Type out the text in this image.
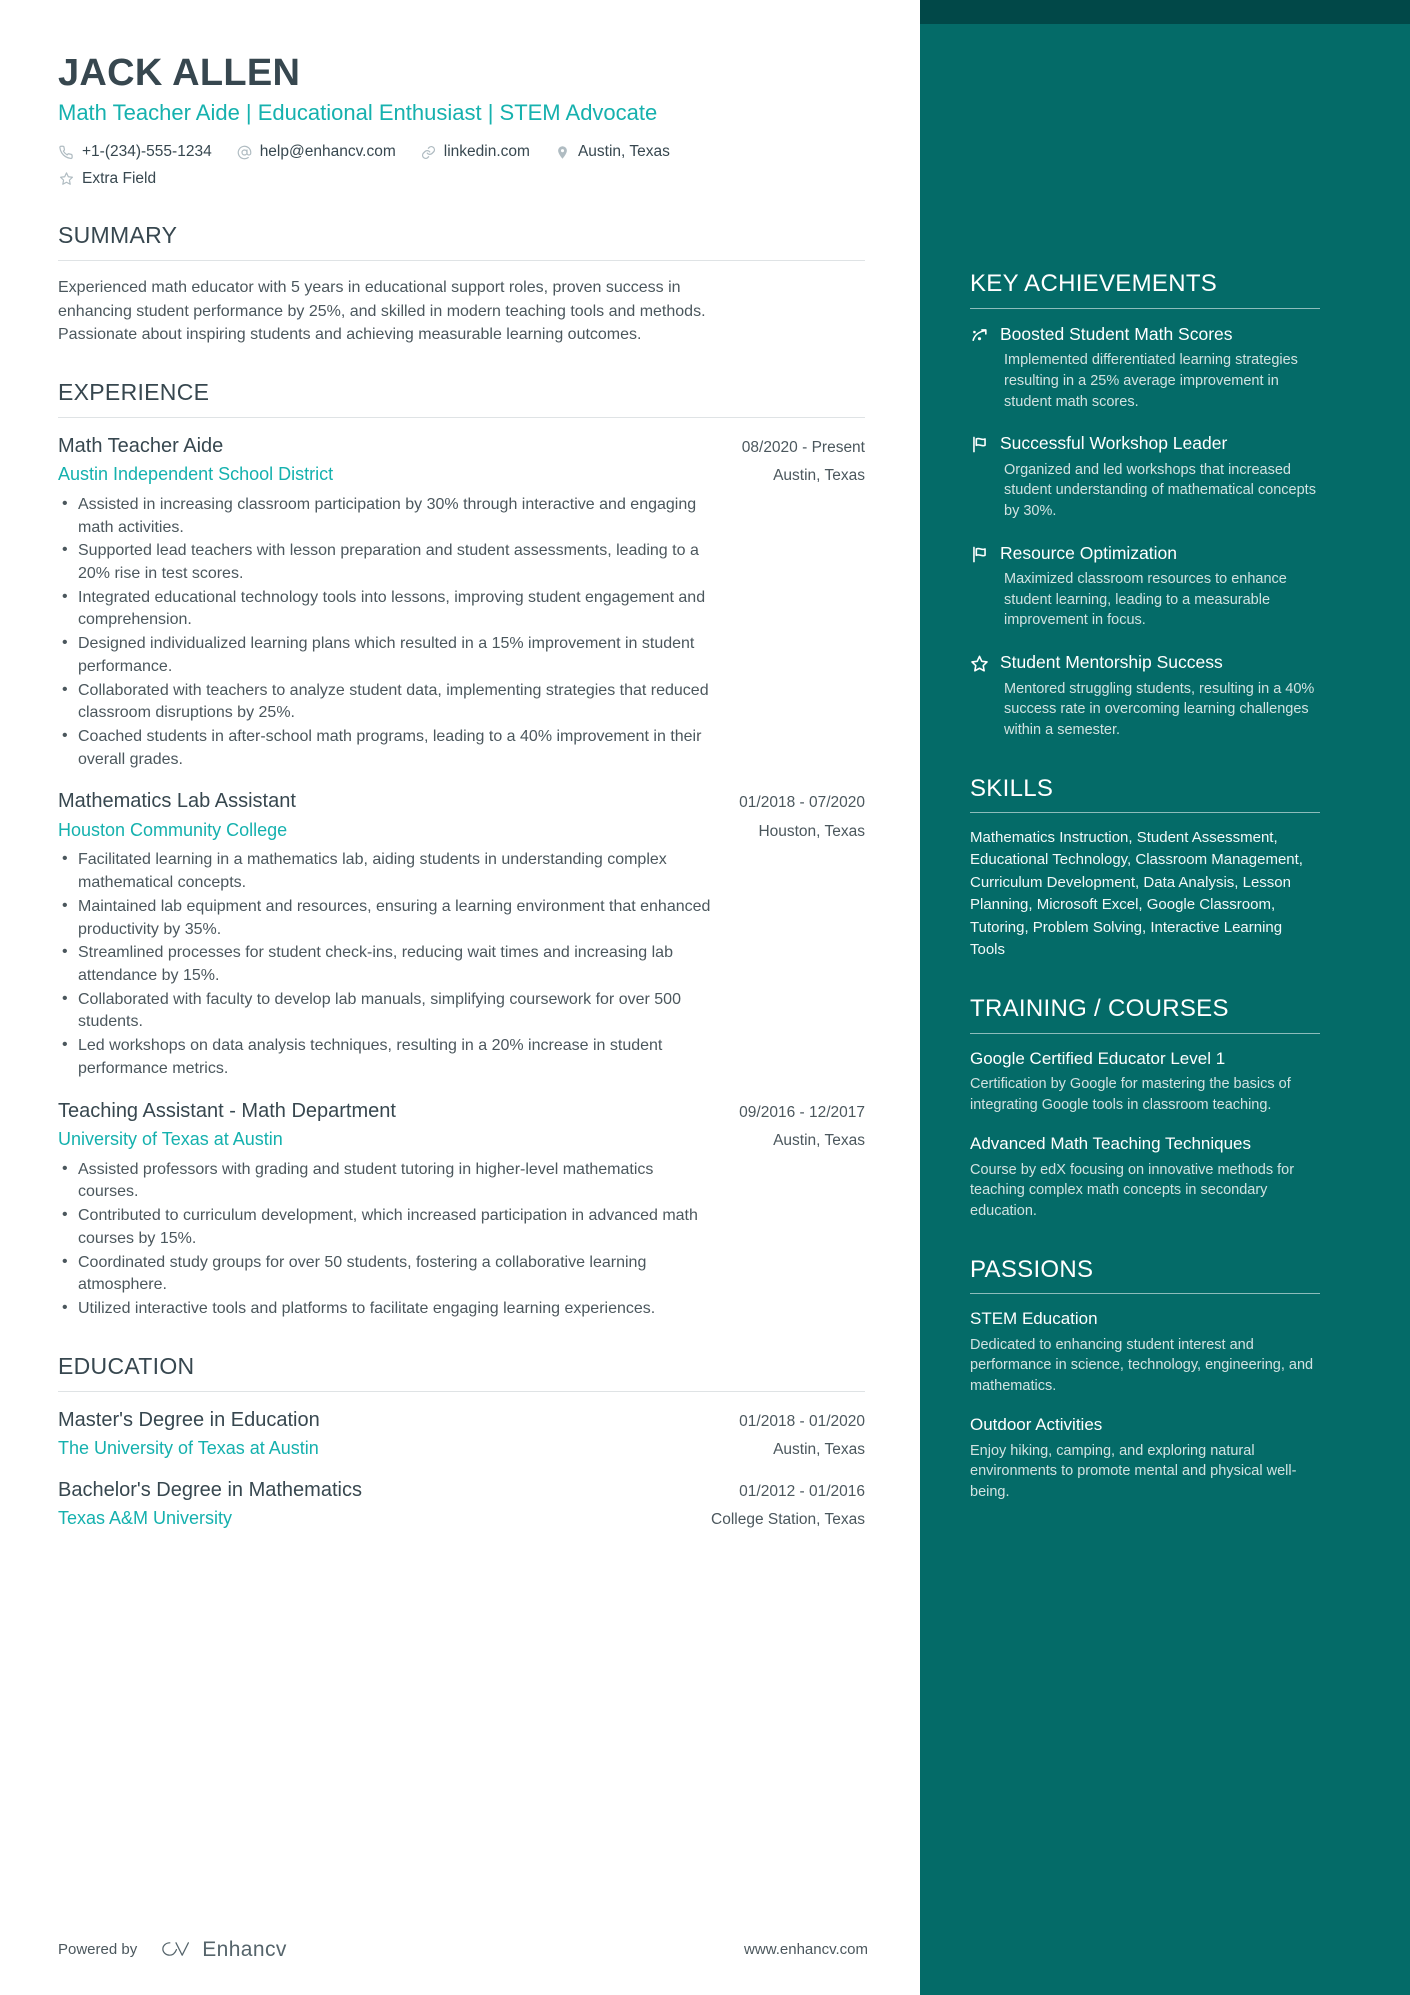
KEY ACHIEVEMENTS
Boosted Student Math Scores
Implemented differentiated learning strategies resulting in a 25% average improvement in student math scores.
Successful Workshop Leader
Organized and led workshops that increased student understanding of mathematical concepts by 30%.
Resource Optimization
Maximized classroom resources to enhance student learning, leading to a measurable improvement in focus.
Student Mentorship Success
Mentored struggling students, resulting in a 40% success rate in overcoming learning challenges within a semester.
SKILLS
Mathematics Instruction, Student Assessment, Educational Technology, Classroom Management, Curriculum Development, Data Analysis, Lesson Planning, Microsoft Excel, Google Classroom, Tutoring, Problem Solving, Interactive Learning Tools
TRAINING / COURSES
Google Certified Educator Level 1
Certification by Google for mastering the basics of integrating Google tools in classroom teaching.
Advanced Math Teaching Techniques
Course by edX focusing on innovative methods for teaching complex math concepts in secondary education.
PASSIONS
STEM Education
Dedicated to enhancing student interest and performance in science, technology, engineering, and mathematics.
Outdoor Activities
Enjoy hiking, camping, and exploring natural environments to promote mental and physical well-being.
JACK ALLEN
Math Teacher Aide | Educational Enthusiast | STEM Advocate
+1-(234)-555-1234	help@enhancv.com	linkedin.com	Austin, Texas
Extra Field
SUMMARY

Experienced math educator with 5 years in educational support roles, proven success in enhancing student performance by 25%, and skilled in modern teaching tools and methods. Passionate about inspiring students and achieving measurable learning outcomes.

EXPERIENCE
Math Teacher Aide	08/2020 - Present
Austin Independent School District	Austin, Texas
• Assisted in increasing classroom participation by 30% through interactive and engaging math activities.
• Supported lead teachers with lesson preparation and student assessments, leading to a 20% rise in test scores.
• Integrated educational technology tools into lessons, improving student engagement and comprehension.
• Designed individualized learning plans which resulted in a 15% improvement in student performance.
• Collaborated with teachers to analyze student data, implementing strategies that reduced classroom disruptions by 25%.
• Coached students in after-school math programs, leading to a 40% improvement in their overall grades.
Mathematics Lab Assistant	01/2018 - 07/2020
Houston Community College	Houston, Texas
• Facilitated learning in a mathematics lab, aiding students in understanding complex mathematical concepts.
• Maintained lab equipment and resources, ensuring a learning environment that enhanced productivity by 35%.
• Streamlined processes for student check-ins, reducing wait times and increasing lab attendance by 15%.
• Collaborated with faculty to develop lab manuals, simplifying coursework for over 500 students.
• Led workshops on data analysis techniques, resulting in a 20% increase in student performance metrics.
Teaching Assistant - Math Department	09/2016 - 12/2017
University of Texas at Austin	Austin, Texas
• Assisted professors with grading and student tutoring in higher-level mathematics courses.
• Contributed to curriculum development, which increased participation in advanced math courses by 15%.
• Coordinated study groups for over 50 students, fostering a collaborative learning atmosphere.
• Utilized interactive tools and platforms to facilitate engaging learning experiences.
EDUCATION
Master's Degree in Education	01/2018 - 01/2020
The University of Texas at Austin	Austin, Texas
Bachelor's Degree in Mathematics	01/2012 - 01/2016
Texas A&M University	College Station, Texas
Powered by	Enhancv	www.enhancv.com
